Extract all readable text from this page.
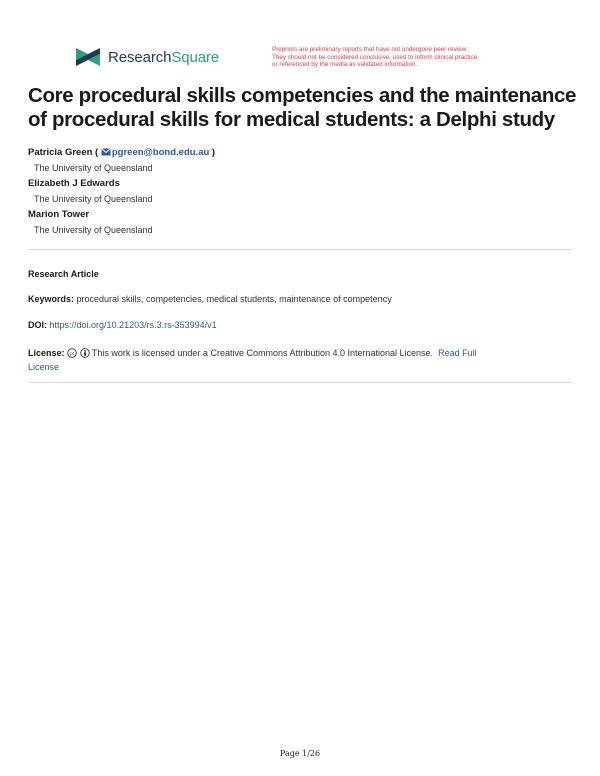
ResearchSquare	Preprints are preliminary reports that have not undergone peer review.
They should not be considered conclusive, used to inform clinical practice,
or referenced by the media as validated information.
Core procedural skills competencies and the maintenance of procedural skills for medical students: a Delphi study
Patricia Green ( pgreen@bond.edu.au )
The University of Queensland
Elizabeth J Edwards
The University of Queensland
Marion Tower
The University of Queensland
Research Article
Keywords: procedural skills, competencies, medical students, maintenance of competency
DOI: https://doi.org/10.21203/rs.3.rs-353994/v1
License: cc This work is licensed under a Creative Commons Attribution 4.0 International License. Read Full
License
Page 1/26
